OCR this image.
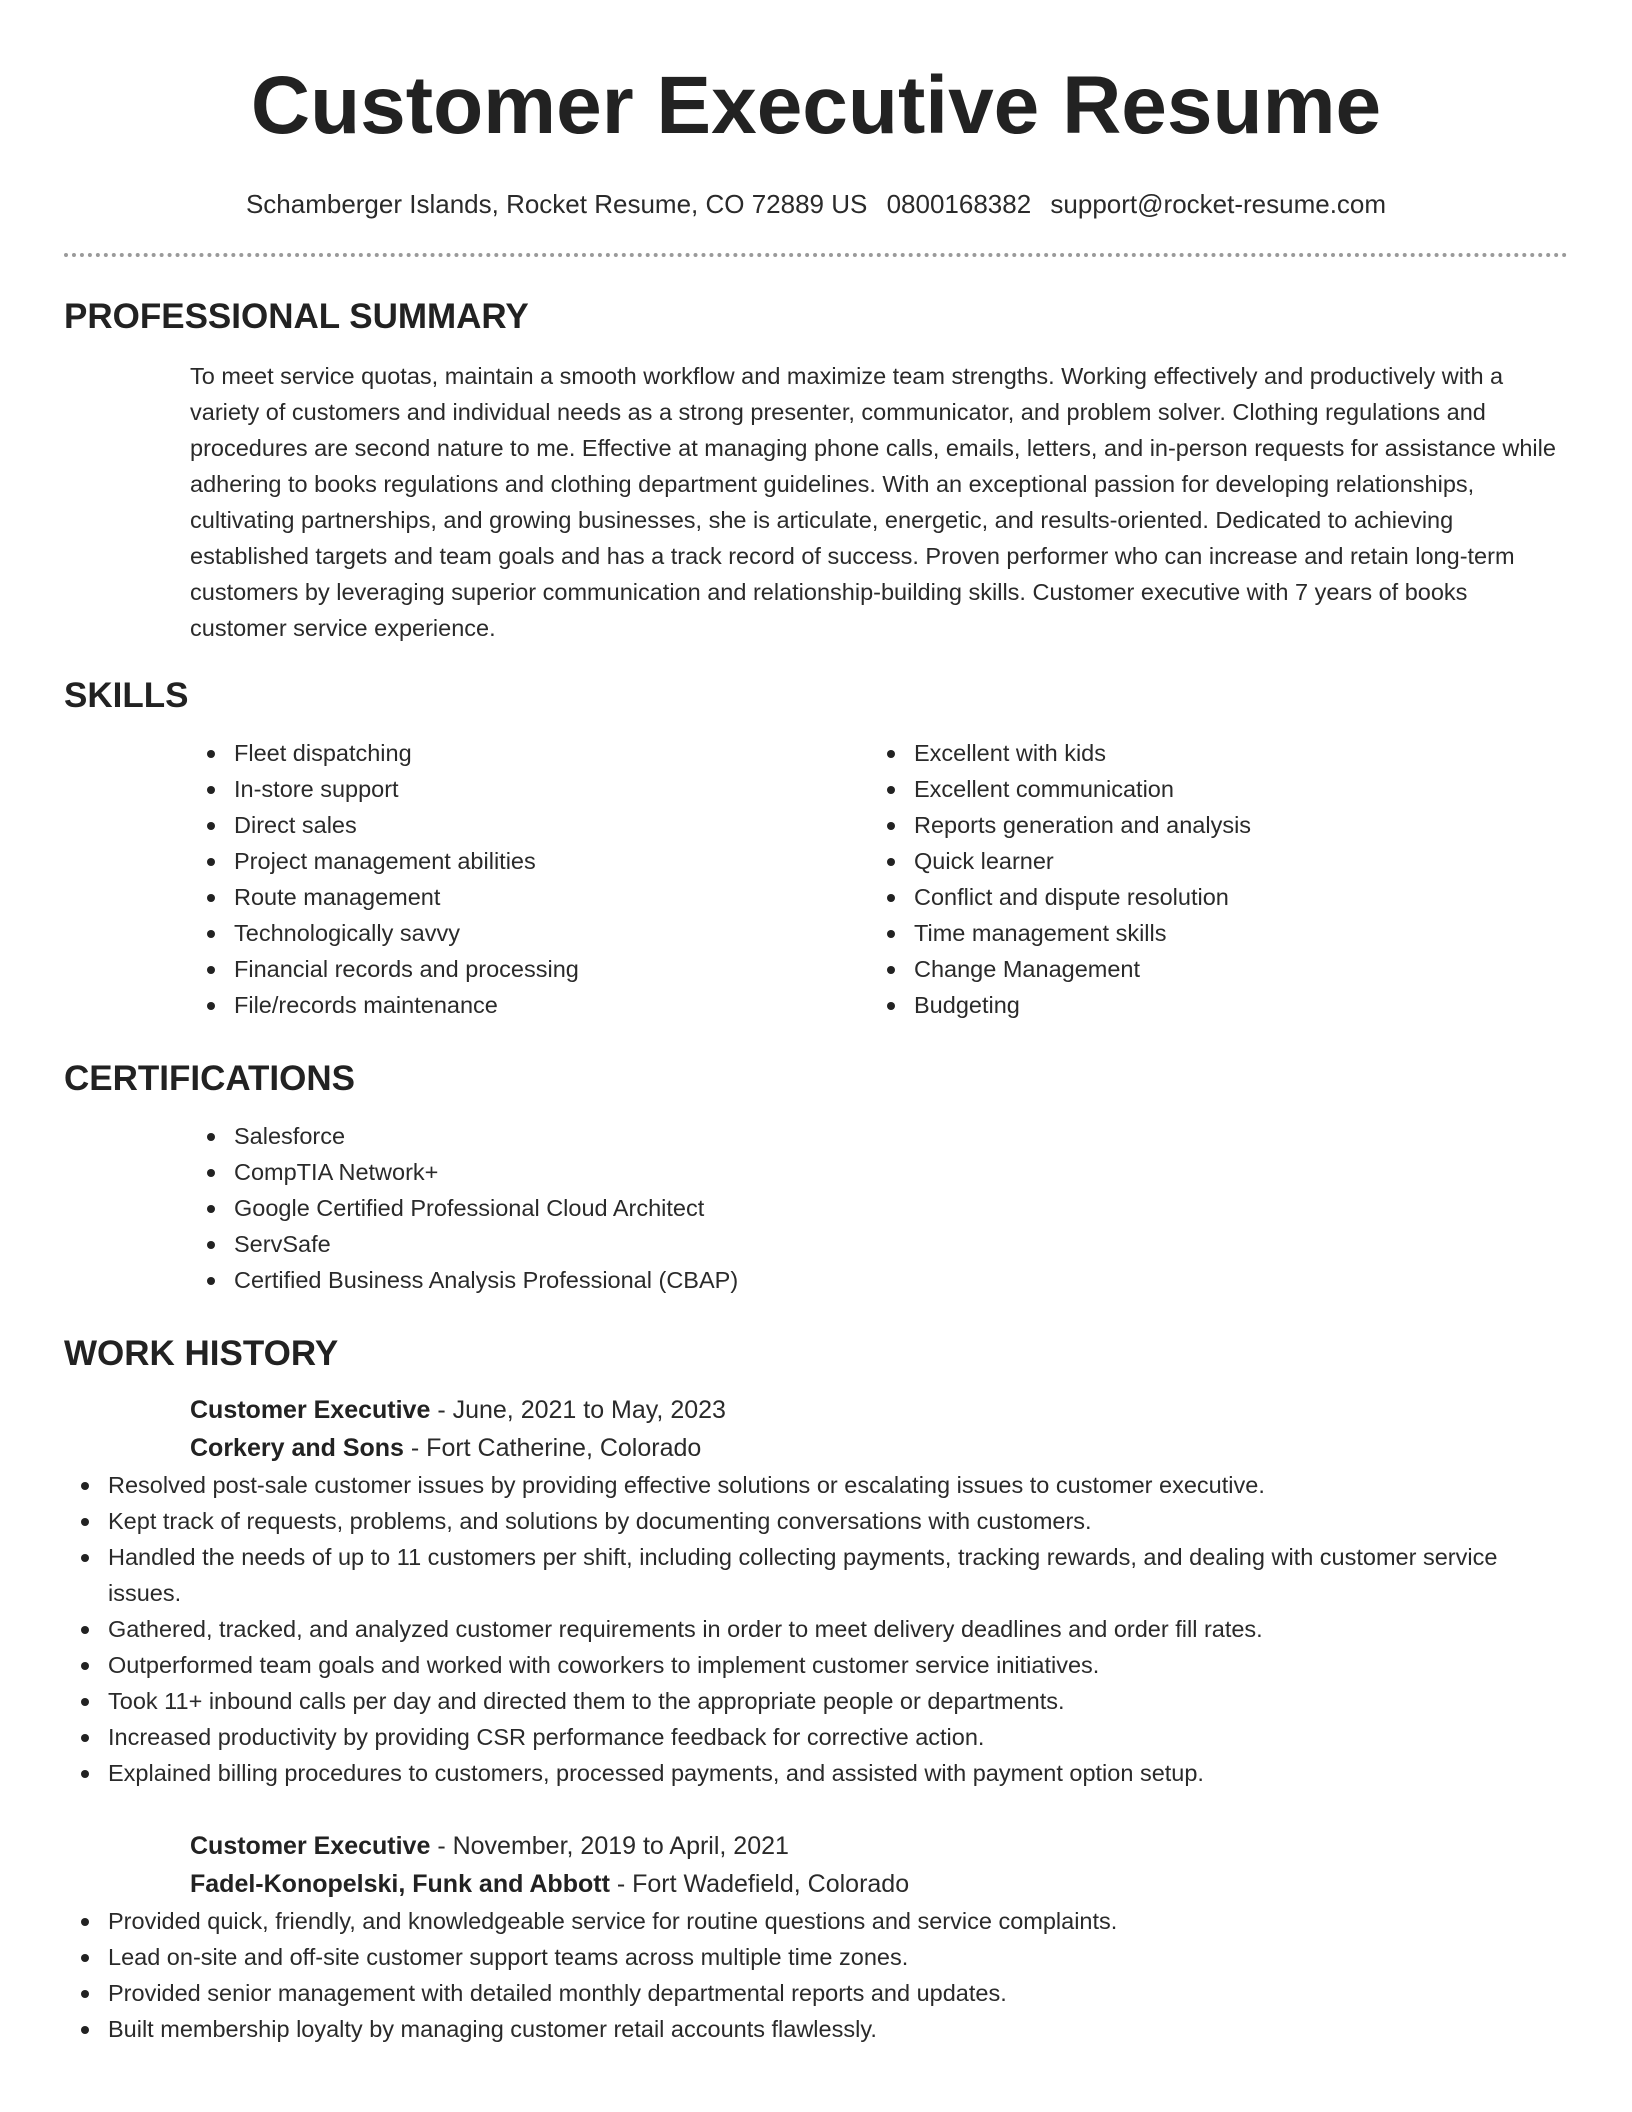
Customer Executive Resume
Schamberger Islands, Rocket Resume, CO 72889 US 0800168382 support@rocket-resume.com
PROFESSIONAL SUMMARY
To meet service quotas, maintain a smooth workflow and maximize team strengths. Working effectively and productively with a variety of customers and individual needs as a strong presenter, communicator, and problem solver. Clothing regulations and procedures are second nature to me. Effective at managing phone calls, emails, letters, and in-person requests for assistance while adhering to books regulations and clothing department guidelines. With an exceptional passion for developing relationships, cultivating partnerships, and growing businesses, she is articulate, energetic, and results-oriented. Dedicated to achieving established targets and team goals and has a track record of success. Proven performer who can increase and retain long-term customers by leveraging superior communication and relationship-building skills. Customer executive with 7 years of books customer service experience.
SKILLS
Fleet dispatching
In-store support
Direct sales
Project management abilities
Route management
Technologically savvy
Financial records and processing
File/records maintenance
Excellent with kids
Excellent communication
Reports generation and analysis
Quick learner
Conflict and dispute resolution
Time management skills
Change Management
Budgeting
CERTIFICATIONS
Salesforce
CompTIA Network+
Google Certified Professional Cloud Architect
ServSafe
Certified Business Analysis Professional (CBAP)
WORK HISTORY
Customer Executive - June, 2021 to May, 2023
Corkery and Sons - Fort Catherine, Colorado
Resolved post-sale customer issues by providing effective solutions or escalating issues to customer executive.
Kept track of requests, problems, and solutions by documenting conversations with customers.
Handled the needs of up to 11 customers per shift, including collecting payments, tracking rewards, and dealing with customer service issues.
Gathered, tracked, and analyzed customer requirements in order to meet delivery deadlines and order fill rates.
Outperformed team goals and worked with coworkers to implement customer service initiatives.
Took 11+ inbound calls per day and directed them to the appropriate people or departments.
Increased productivity by providing CSR performance feedback for corrective action.
Explained billing procedures to customers, processed payments, and assisted with payment option setup.
Customer Executive - November, 2019 to April, 2021
Fadel-Konopelski, Funk and Abbott - Fort Wadefield, Colorado
Provided quick, friendly, and knowledgeable service for routine questions and service complaints.
Lead on-site and off-site customer support teams across multiple time zones.
Provided senior management with detailed monthly departmental reports and updates.
Built membership loyalty by managing customer retail accounts flawlessly.
